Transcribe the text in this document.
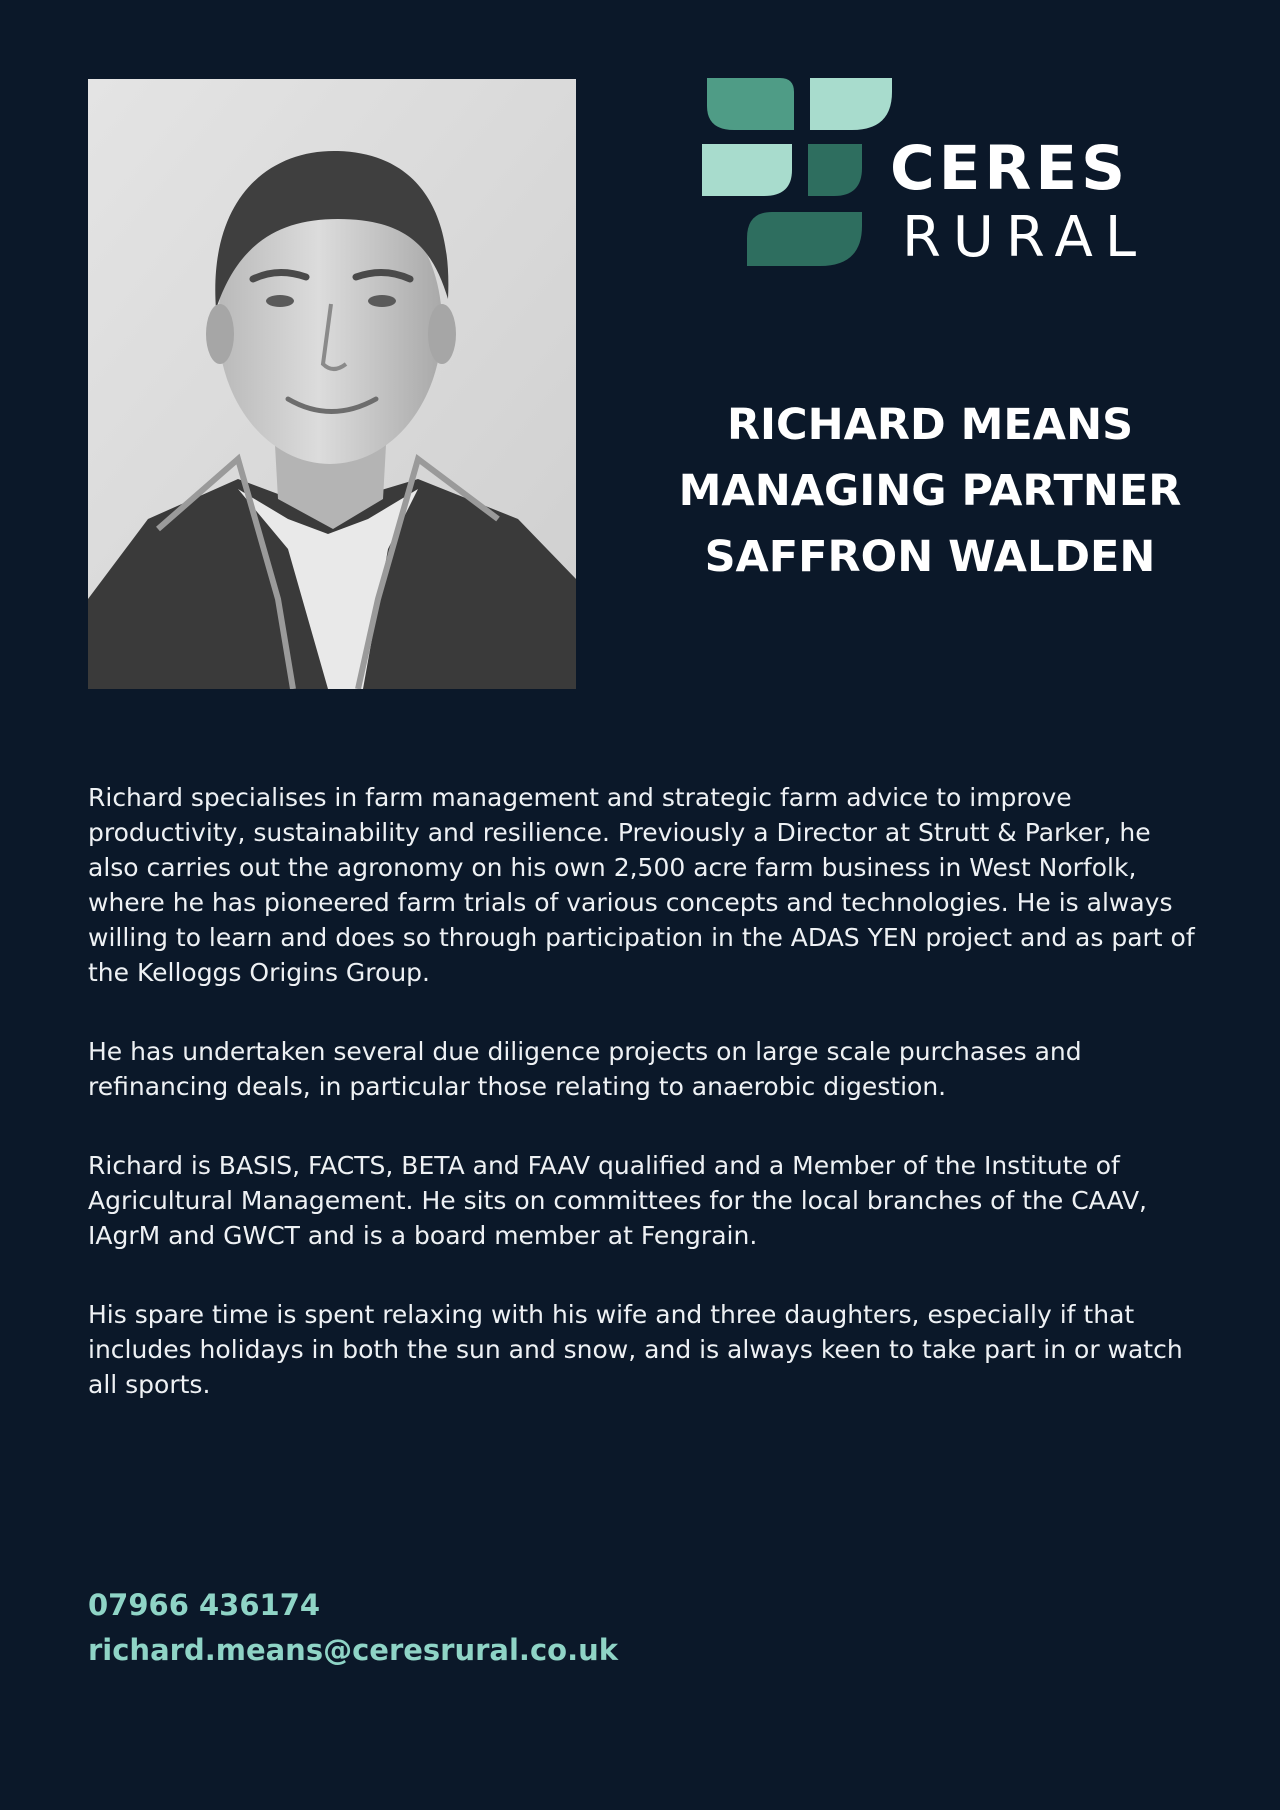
CERES
RURAL
RICHARD MEANS
MANAGING PARTNER
SAFFRON WALDEN

Richard specialises in farm management and strategic farm advice to improve productivity, sustainability and resilience. Previously a Director at Strutt & Parker, he also carries out the agronomy on his own 2,500 acre farm business in West Norfolk, where he has pioneered farm trials of various concepts and technologies. He is always willing to learn and does so through participation in the ADAS YEN project and as part of the Kelloggs Origins Group.

He has undertaken several due diligence projects on large scale purchases and refinancing deals, in particular those relating to anaerobic digestion.

Richard is BASIS, FACTS, BETA and FAAV qualified and a Member of the Institute of Agricultural Management. He sits on committees for the local branches of the CAAV, IAgrM and GWCT and is a board member at Fengrain.

His spare time is spent relaxing with his wife and three daughters, especially if that includes holidays in both the sun and snow, and is always keen to take part in or watch all sports.

07966 436174
richard.means@ceresrural.co.uk
